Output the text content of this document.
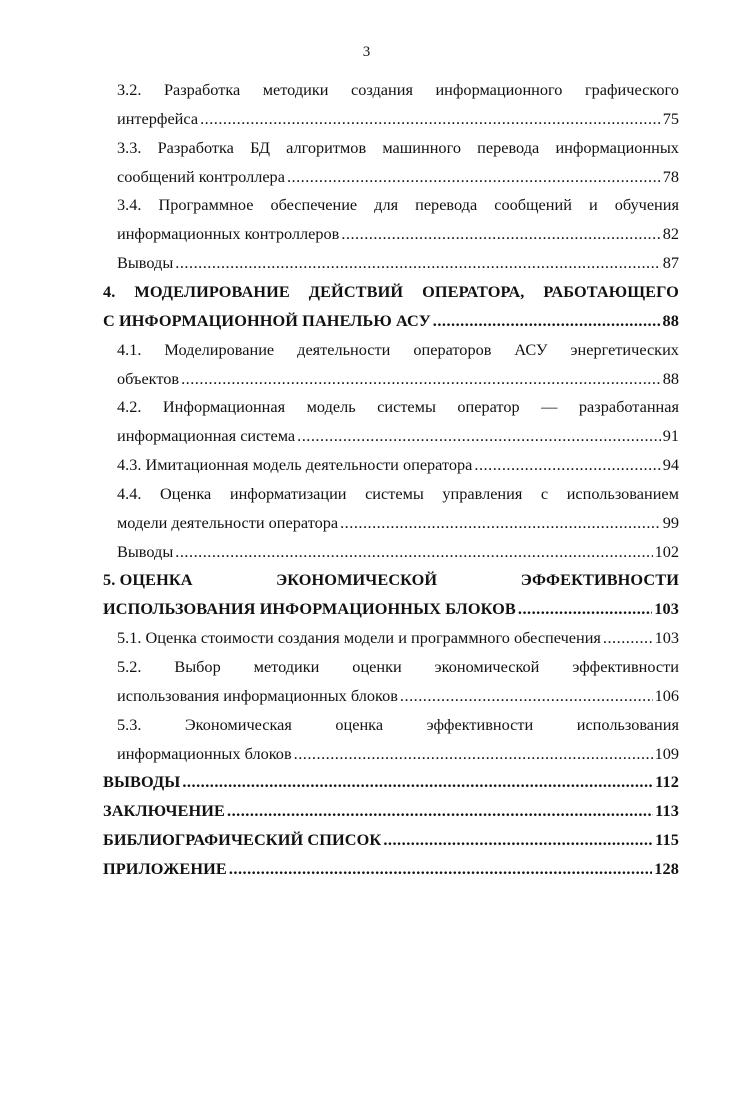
3
3.2. Разработка методики создания информационного графического
интерфейса .....	75
3.3. Разработка БД алгоритмов машинного перевода информационных
сообщений контроллера .....	78
3.4. Программное обеспечение для перевода сообщений и обучения
информационных контроллеров .....	82
Выводы .....	87
4. МОДЕЛИРОВАНИЕ ДЕЙСТВИЙ ОПЕРАТОРА, РАБОТАЮЩЕГО
С ИНФОРМАЦИОННОЙ ПАНЕЛЬЮ АСУ .....	88
4.1. Моделирование деятельности операторов АСУ энергетических
объектов .....	88
4.2. Информационная модель системы оператор — разработанная
информационная система .....	91
4.3. Имитационная модель деятельности оператора .....	94
4.4. Оценка информатизации системы управления с использованием
модели деятельности оператора .....	99
Выводы .....	102
5. ОЦЕНКА	ЭКОНОМИЧЕСКОЙ	ЭФФЕКТИВНОСТИ
ИСПОЛЬЗОВАНИЯ ИНФОРМАЦИОННЫХ БЛОКОВ .....	103
5.1. Оценка стоимости создания модели и программного обеспечения .....	103
5.2. Выбор методики оценки экономической эффективности
использования информационных блоков .....	106
5.3.	Экономическая	оценка	эффективности	использования
информационных блоков .....	109
ВЫВОДЫ .....	112
ЗАКЛЮЧЕНИЕ .....	113
БИБЛИОГРАФИЧЕСКИЙ СПИСОК .....	115
ПРИЛОЖЕНИЕ .....	128
